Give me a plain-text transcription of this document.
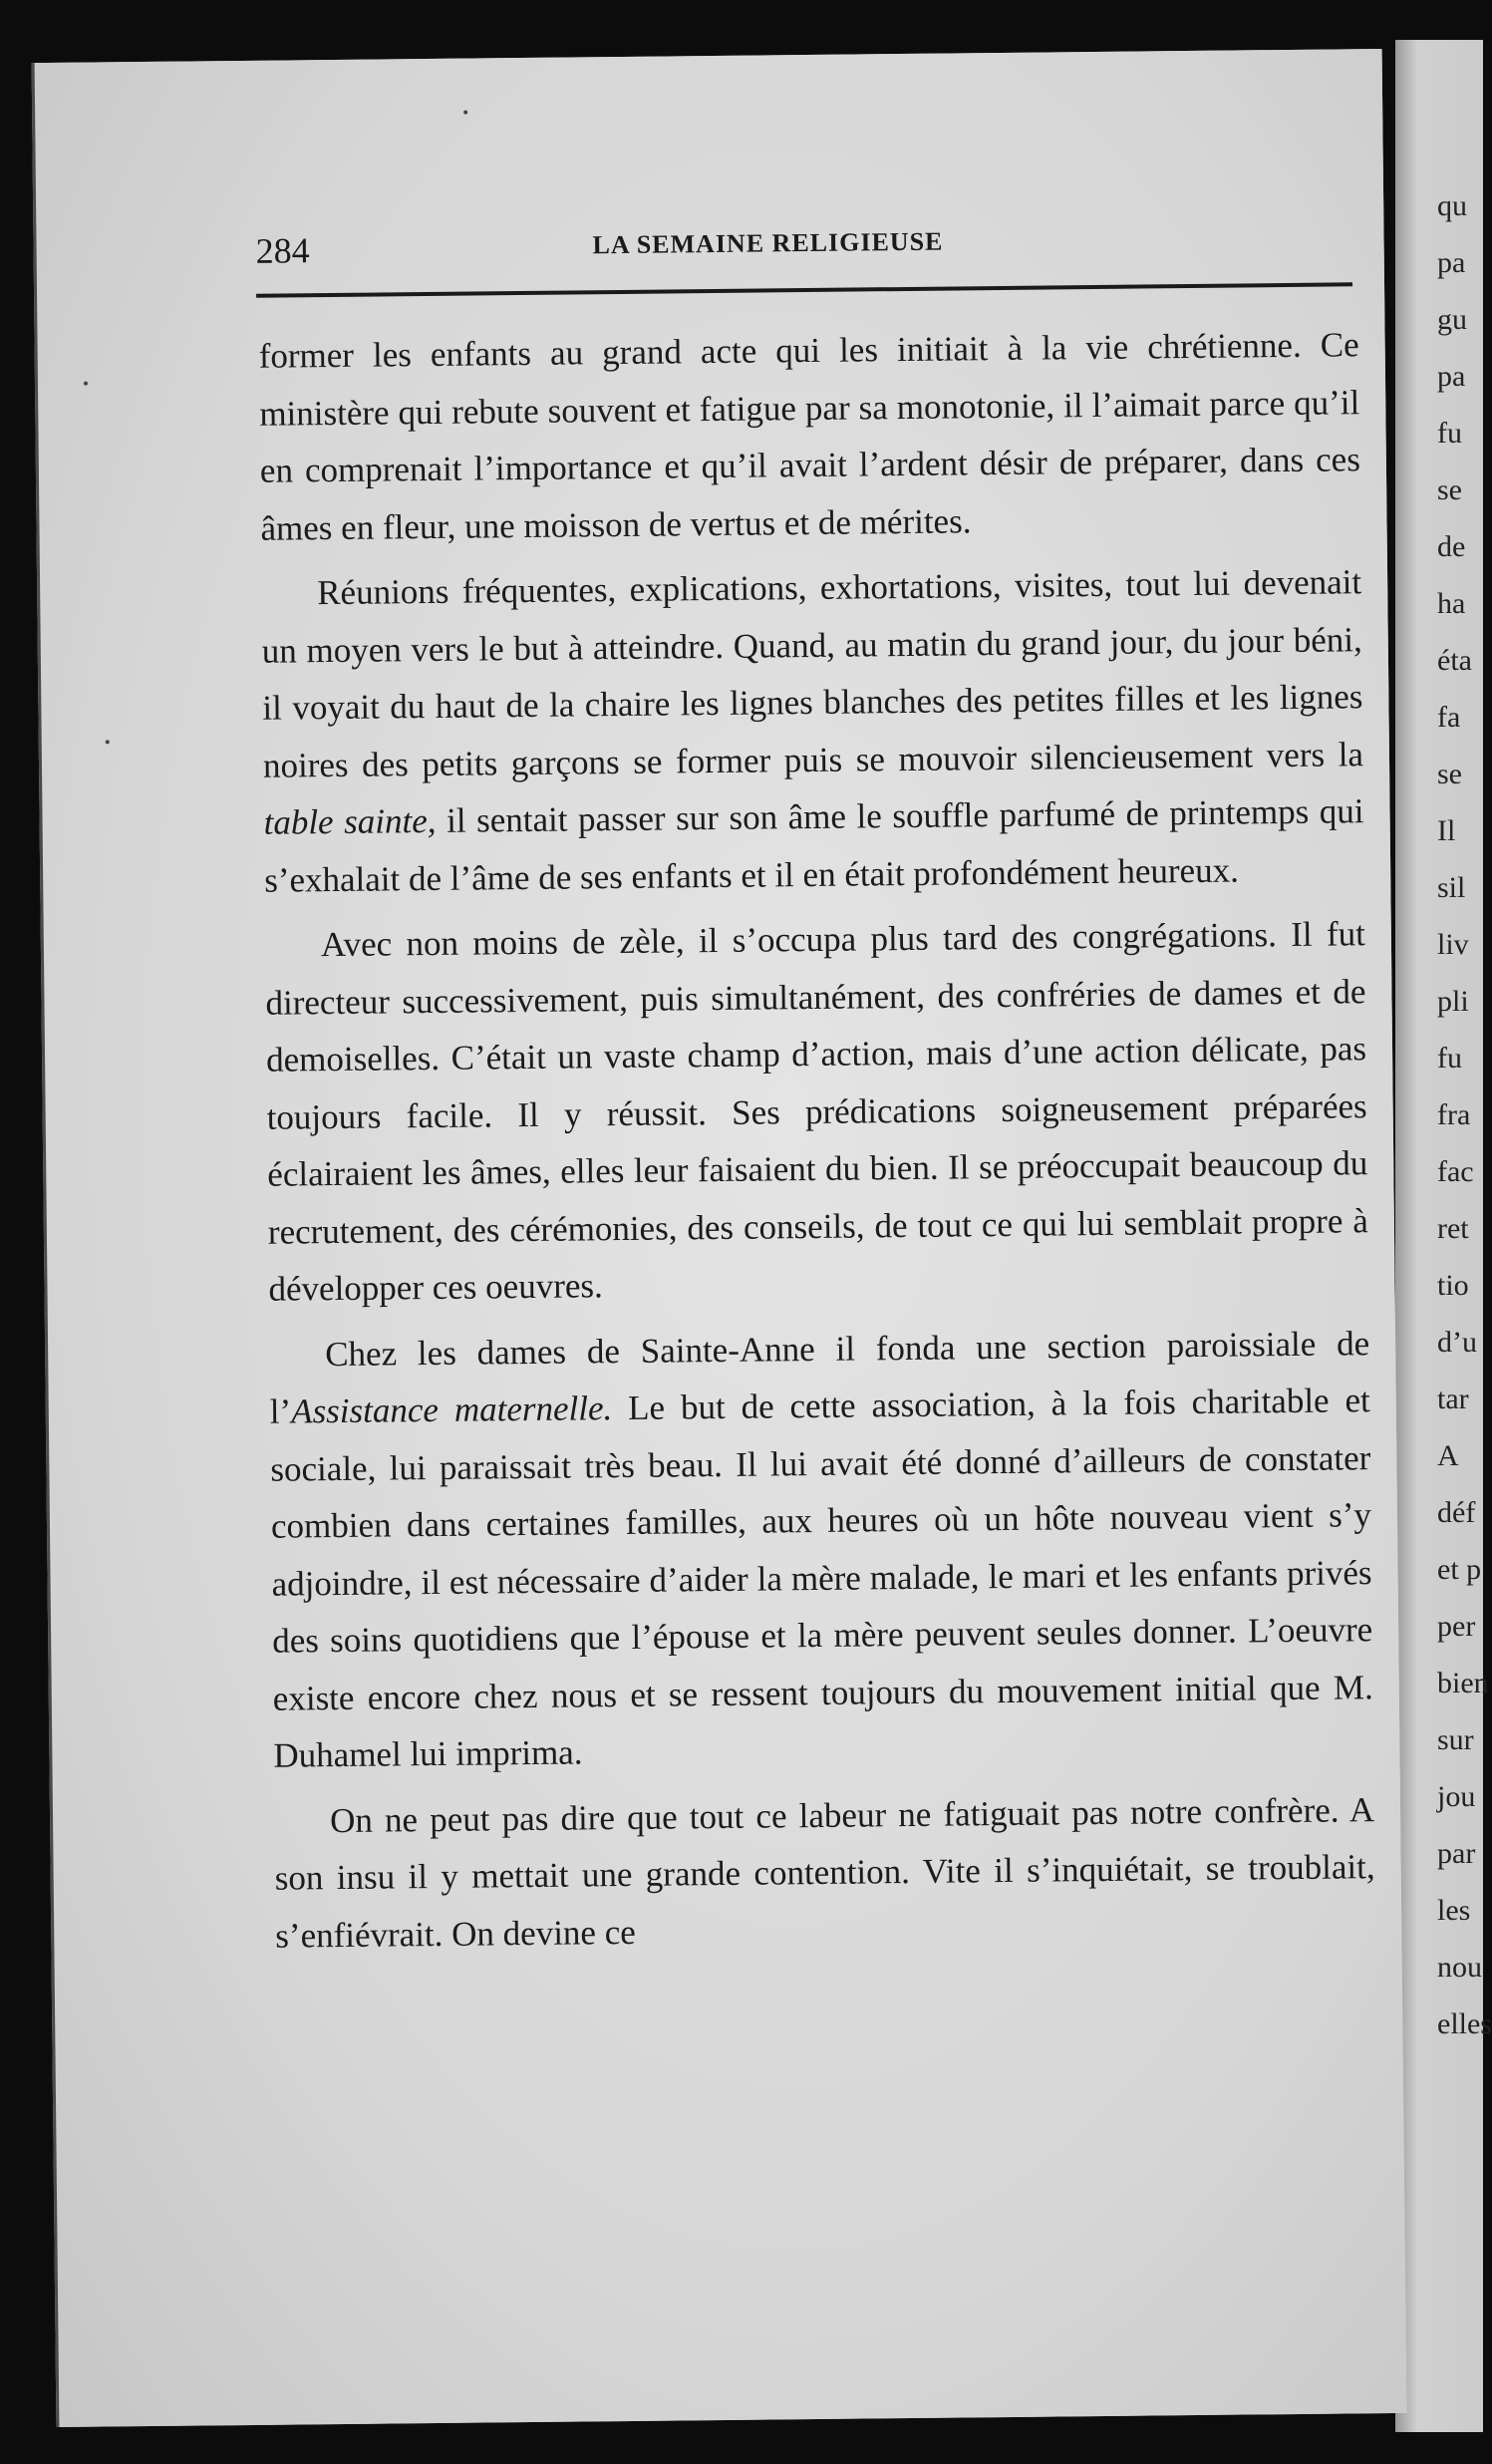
qu
pa
gu
pa
fu
se
de
ha
éta
fa
se
Il
sil
liv
pli
fu
fra
fac
ret
tio
d’u
tar
A
déf
et p
per
bien
sur
jou
par
les
nou
elles
284	LA SEMAINE RELIGIEUSE

former les enfants au grand acte qui les initiait à la vie chrétienne. Ce ministère qui rebute souvent et fatigue par sa monotonie, il l’aimait parce qu’il en comprenait l’importance et qu’il avait l’ardent désir de préparer, dans ces âmes en fleur, une moisson de vertus et de mérites.

Réunions fréquentes, explications, exhortations, visites, tout lui devenait un moyen vers le but à atteindre. Quand, au matin du grand jour, du jour béni, il voyait du haut de la chaire les lignes blanches des petites filles et les lignes noires des petits garçons se former puis se mouvoir silencieusement vers la table sainte, il sentait passer sur son âme le souffle parfumé de printemps qui s’exhalait de l’âme de ses enfants et il en était profondément heureux.

Avec non moins de zèle, il s’occupa plus tard des congrégations. Il fut directeur successivement, puis simultanément, des confréries de dames et de demoiselles. C’était un vaste champ d’action, mais d’une action délicate, pas toujours facile. Il y réussit. Ses prédications soigneusement préparées éclairaient les âmes, elles leur faisaient du bien. Il se préoccupait beaucoup du recrutement, des cérémonies, des conseils, de tout ce qui lui semblait propre à développer ces oeuvres.

Chez les dames de Sainte-Anne il fonda une section paroissiale de l’Assistance maternelle. Le but de cette association, à la fois charitable et sociale, lui paraissait très beau. Il lui avait été donné d’ailleurs de constater combien dans certaines familles, aux heures où un hôte nouveau vient s’y adjoindre, il est nécessaire d’aider la mère malade, le mari et les enfants privés des soins quotidiens que l’épouse et la mère peuvent seules donner. L’oeuvre existe encore chez nous et se ressent toujours du mouvement initial que M. Duhamel lui imprima.

On ne peut pas dire que tout ce labeur ne fatiguait pas notre confrère. A son insu il y mettait une grande contention. Vite il s’inquiétait, se troublait, s’enfiévrait. On devine ce
